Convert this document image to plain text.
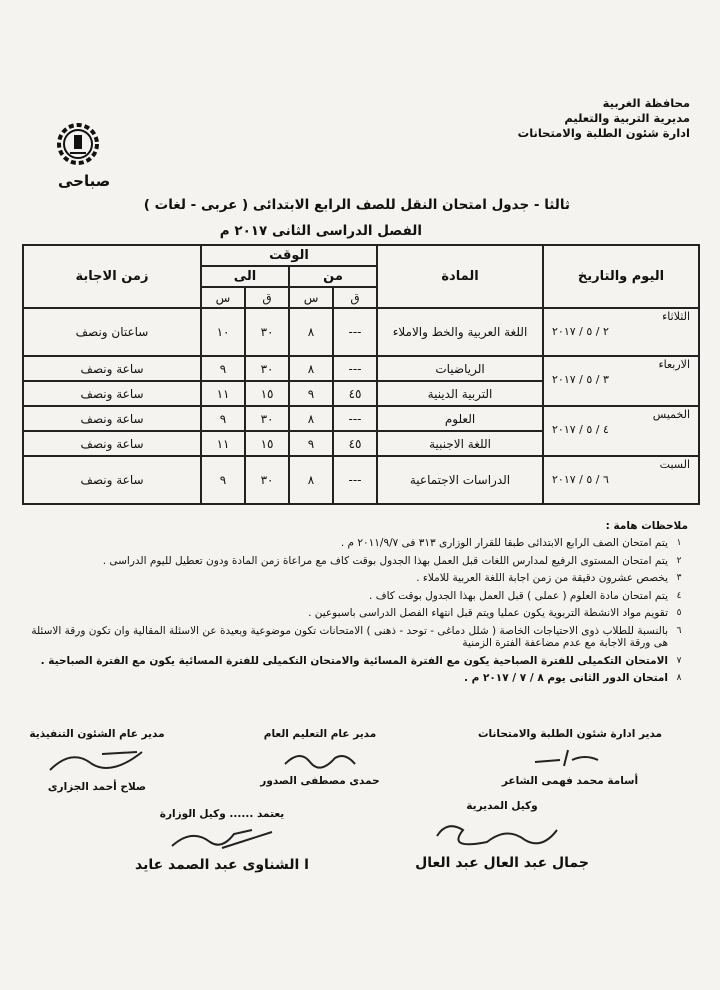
محافظة الغربية
مديرية التربية والتعليم
ادارة شئون الطلبة والامتحانات
صباحى
ثالثا - جدول امتحان النقل للصف الرابع الابتدائى ( عربى - لغات )
الفصل الدراسى الثانى ٢٠١٧ م
اليوم والتاريخ	المادة	الوقت				زمن الاجابة
		من		الى		
		ق	س	ق	س	

الثلاثاء
٢ / ٥ / ٢٠١٧	اللغة العربية والخط والاملاء	---	٨	٣٠	١٠	ساعتان ونصف

الاربعاء
٣ / ٥ / ٢٠١٧	الرياضيات	---	٨	٣٠	٩	ساعة ونصف
	التربية الدينية	٤٥	٩	١٥	١١	ساعة ونصف

الخميس
٤ / ٥ / ٢٠١٧	العلوم	---	٨	٣٠	٩	ساعة ونصف
	اللغة الاجنبية	٤٥	٩	١٥	١١	ساعة ونصف

السبت
٦ / ٥ / ٢٠١٧	الدراسات الاجتماعية	---	٨	٣٠	٩	ساعة ونصف
ملاحظات هامة :
١
يتم امتحان الصف الرابع الابتدائى طبقا للقرار الوزارى ٣١٣ فى ٢٠١١/٩/٧ م .
٢
يتم امتحان المستوى الرفيع لمدارس اللغات قبل العمل بهذا الجدول بوقت كاف مع مراعاة زمن المادة ودون تعطيل لليوم الدراسى .
٣
يخصص عشرون دقيقة من زمن اجابة اللغة العربية للاملاء .
٤
يتم امتحان مادة العلوم ( عملى ) قبل العمل بهذا الجدول بوقت كاف .
٥
تقويم مواد الانشطة التربوية يكون عمليا ويتم قبل انتهاء الفصل الدراسى باسبوعين .
٦
بالنسبة للطلاب ذوى الاحتياجات الخاصة ( شلل دماغى - توحد - ذهنى ) الامتحانات تكون موضوعية وبعيدة عن الاسئلة المقالية وان تكون ورقة الاسئلة هى ورقة الاجابة مع عدم مضاعفة الفترة الزمنية
٧
الامتحان التكميلى للفترة الصباحية يكون مع الفترة المسائية والامتحان التكميلى للفترة المسائية يكون مع الفترة الصباحية .
٨
امتحان الدور الثانى يوم ٨ / ٧ / ٢٠١٧ م .
مدير ادارة شئون الطلبة والامتحانات
أسامة محمد فهمى الشاعر
مدير عام التعليم العام
حمدى مصطفى الصدور
مدير عام الشئون التنفيذية
صلاح أحمد الجزارى
وكيل المديرية
جمال عبد العال عبد العال
يعتمد ...... وكيل الوزارة
ا الشناوى عبد الصمد عايد
